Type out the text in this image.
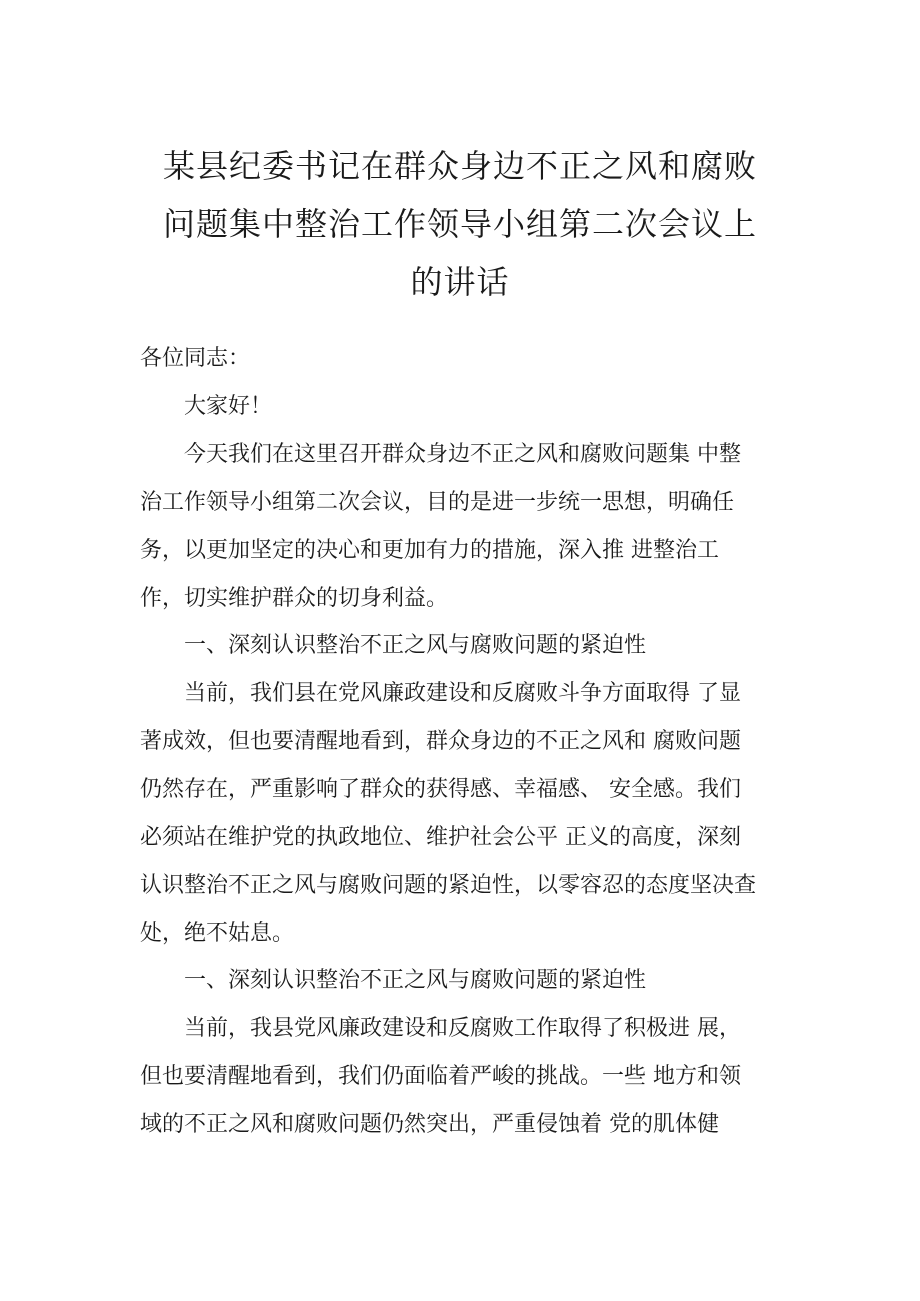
某县纪委书记在群众身边不正之风和腐败
问题集中整治工作领导小组第二次会议上
的讲话
各位同志：
　　大家好！
　　今天我们在这里召开群众身边不正之风和腐败问题集 中整
治工作领导小组第二次会议，目的是进一步统一思想，明确任
务，以更加坚定的决心和更加有力的措施，深入推 进整治工
作，切实维护群众的切身利益。
　　一、深刻认识整治不正之风与腐败问题的紧迫性
　　当前，我们县在党风廉政建设和反腐败斗争方面取得 了显
著成效，但也要清醒地看到，群众身边的不正之风和 腐败问题
仍然存在，严重影响了群众的获得感、幸福感、 安全感。我们
必须站在维护党的执政地位、维护社会公平 正义的高度，深刻
认识整治不正之风与腐败问题的紧迫性，以零容忍的态度坚决查
处，绝不姑息。
　　一、深刻认识整治不正之风与腐败问题的紧迫性
　　当前，我县党风廉政建设和反腐败工作取得了积极进 展，
但也要清醒地看到，我们仍面临着严峻的挑战。一些 地方和领
域的不正之风和腐败问题仍然突出，严重侵蚀着 党的肌体健
